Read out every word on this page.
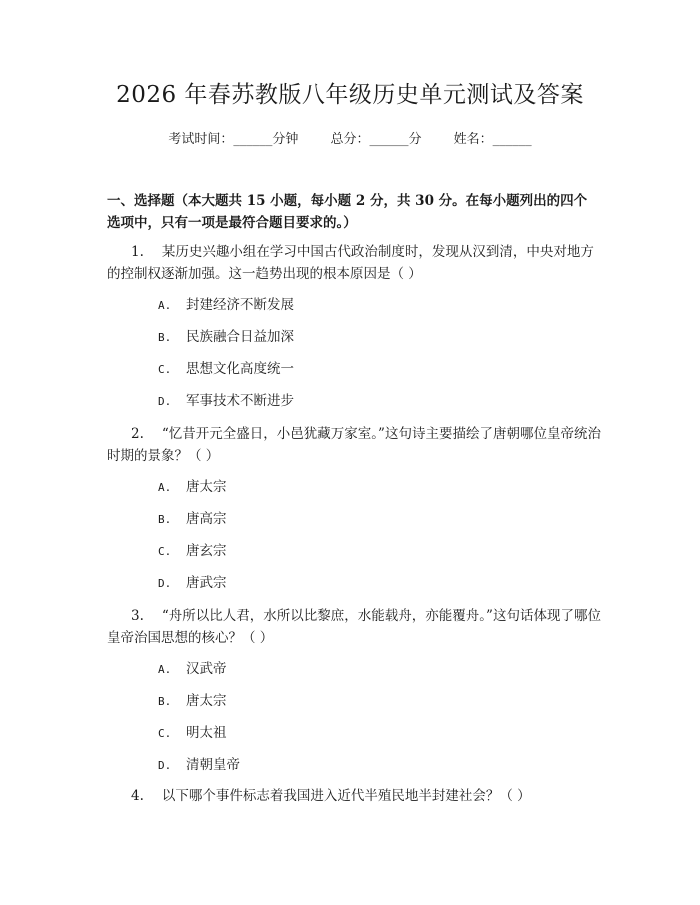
2026 年春苏教版八年级历史单元测试及答案
考试时间：______分钟 总分：______分 姓名：______
一、选择题（本大题共 15 小题，每小题 2 分，共 30 分。在每小题列出的四个选项中，只有一项是最符合题目要求的。）
1. 某历史兴趣小组在学习中国古代政治制度时，发现从汉到清，中央对地方的控制权逐渐加强。这一趋势出现的根本原因是（ ）
A. 封建经济不断发展
B. 民族融合日益加深
C. 思想文化高度统一
D. 军事技术不断进步
2. “忆昔开元全盛日，小邑犹藏万家室。”这句诗主要描绘了唐朝哪位皇帝统治时期的景象？（ ）
A. 唐太宗
B. 唐高宗
C. 唐玄宗
D. 唐武宗
3. “舟所以比人君，水所以比黎庶，水能载舟，亦能覆舟。”这句话体现了哪位皇帝治国思想的核心？（ ）
A. 汉武帝
B. 唐太宗
C. 明太祖
D. 清朝皇帝
4. 以下哪个事件标志着我国进入近代半殖民地半封建社会？（ ）
